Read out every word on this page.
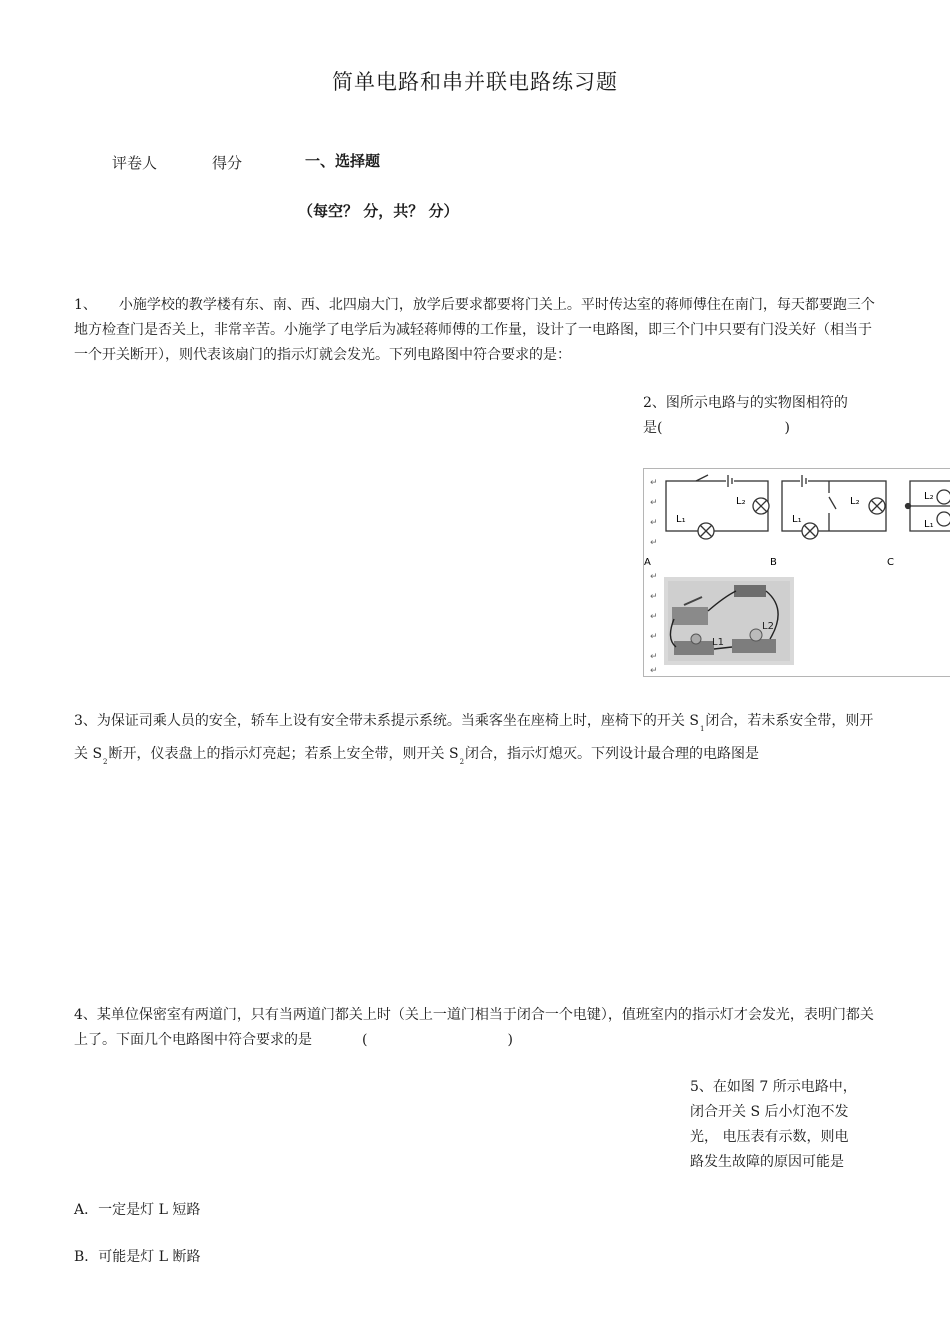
简单电路和串并联电路练习题
评卷人	得分	一、选择题
（每空？ 分，共？ 分）
1、 小施学校的教学楼有东、南、西、北四扇大门，放学后要求都要将门关上。平时传达室的蒋师傅住在南门，每天都要跑三个地方检查门是否关上，非常辛苦。小施学了电学后为减轻蒋师傅的工作量，设计了一电路图，即三个门中只要有门没关好（相当于一个开关断开），则代表该扇门的指示灯就会发光。下列电路图中符合要求的是：
2、图所示电路与的实物图相符的
是(	)
↵
↵
↵
↵
↵
↵
↵
↵
↵
↵
L₂
L₁
L₂
L₁
L₂
L₁
A	B	C
L2
L1
3、为保证司乘人员的安全，轿车上设有安全带未系提示系统。当乘客坐在座椅上时，座椅下的开关 $S_1$闭合，若未系安全带，则开关 $S_2$断开，仪表盘上的指示灯亮起；若系上安全带，则开关 $S_2$闭合，指示灯熄灭。下列设计最合理的电路图是
4、某单位保密室有两道门，只有当两道门都关上时（关上一道门相当于闭合一个电键），值班室内的指示灯才会发光，表明门都关上了。下面几个电路图中符合要求的是	(	)
5、在如图 7 所示电路中，
闭合开关 S 后小灯泡不发
光， 电压表有示数，则电
路发生故障的原因可能是
A．一定是灯 L 短路
B．可能是灯 L 断路
